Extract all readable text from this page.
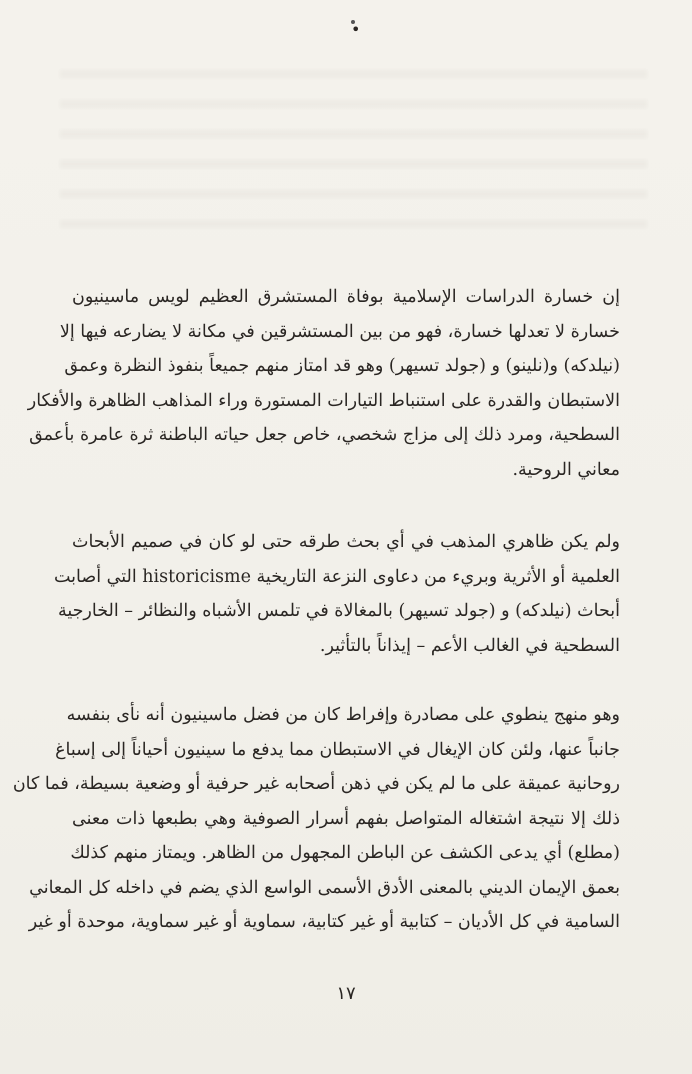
•
إن خسارة الدراسات الإسلامية بوفاة المستشرق العظيم لويس ماسينيون
خسارة لا تعدلها خسارة، فهو من بين المستشرقين في مكانة لا يضارعه فيها إلا
(نيلدكه) و(نلينو) و (جولد تسيهر) وهو قد امتاز منهم جميعاً بنفوذ النظرة وعمق
الاستبطان والقدرة على استنباط التيارات المستورة وراء المذاهب الظاهرة والأفكار
السطحية، ومرد ذلك إلى مزاج شخصي، خاص جعل حياته الباطنة ثرة عامرة بأعمق
معاني الروحية.
ولم يكن ظاهري المذهب في أي بحث طرقه حتى لو كان في صميم الأبحاث
العلمية أو الأثرية وبريء من دعاوى النزعة التاريخية historicisme التي أصابت
أبحاث (نيلدكه) و (جولد تسيهر) بالمغالاة في تلمس الأشباه والنظائر – الخارجية
السطحية في الغالب الأعم – إيذاناً بالتأثير.
وهو منهج ينطوي على مصادرة وإفراط كان من فضل ماسينيون أنه نأى بنفسه
جانباً عنها، ولئن كان الإيغال في الاستبطان مما يدفع ما سينيون أحياناً إلى إسباغ
روحانية عميقة على ما لم يكن في ذهن أصحابه غير حرفية أو وضعية بسيطة، فما كان
ذلك إلا نتيجة اشتغاله المتواصل بفهم أسرار الصوفية وهي بطبعها ذات معنى
(مطلع) أي يدعى الكشف عن الباطن المجهول من الظاهر. ويمتاز منهم كذلك
بعمق الإيمان الديني بالمعنى الأدق الأسمى الواسع الذي يضم في داخله كل المعاني
السامية في كل الأديان – كتابية أو غير كتابية، سماوية أو غير سماوية، موحدة أو غير
١٧
